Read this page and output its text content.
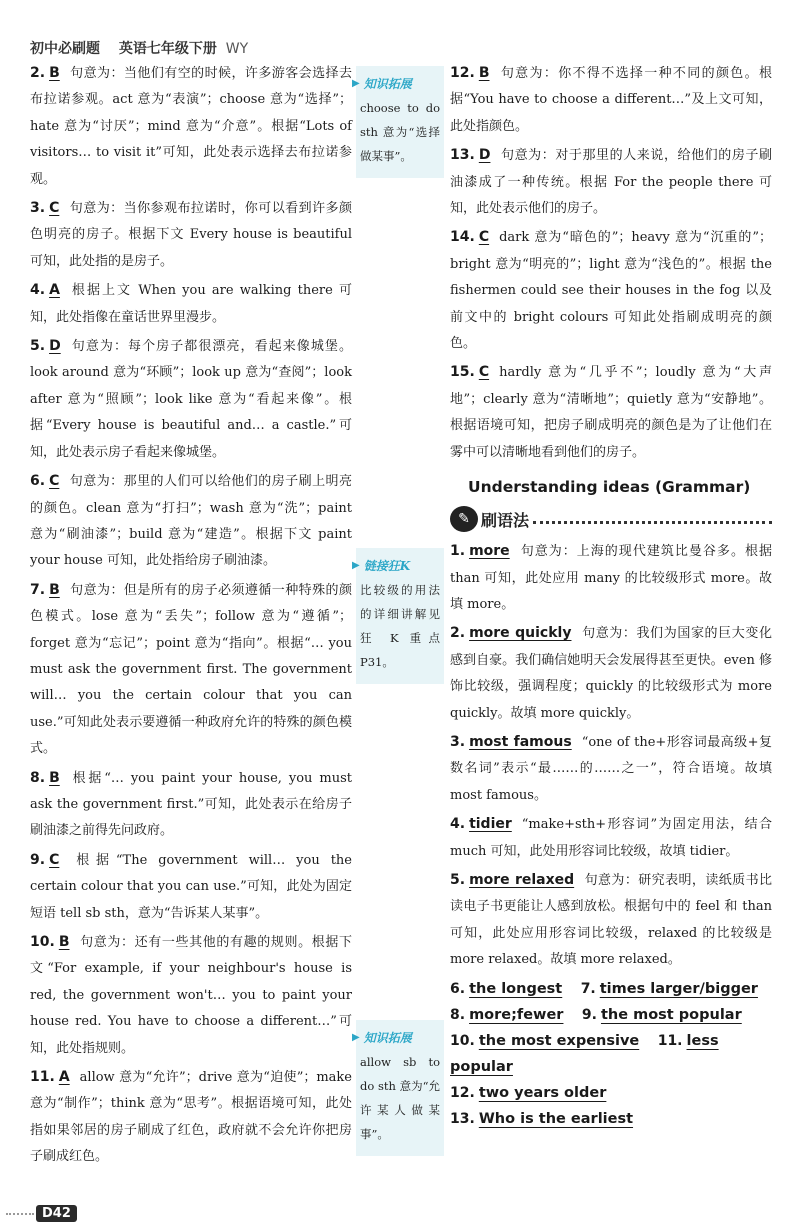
初中必刷题 英语七年级下册 WY
2. B 句意为：当他们有空的时候，许多游客会选择去布拉诺参观。act 意为“表演”；choose 意为“选择”；hate 意为“讨厌”；mind 意为“介意”。根据“Lots of visitors… to visit it”可知，此处表示选择去布拉诺参观。
3. C 句意为：当你参观布拉诺时，你可以看到许多颜色明亮的房子。根据下文 Every house is beautiful 可知，此处指的是房子。
4. A 根据上文 When you are walking there 可知，此处指像在童话世界里漫步。
5. D 句意为：每个房子都很漂亮，看起来像城堡。look around 意为“环顾”；look up 意为“查阅”；look after 意为“照顾”；look like 意为“看起来像”。根据“Every house is beautiful and… a castle.”可知，此处表示房子看起来像城堡。
6. C 句意为：那里的人们可以给他们的房子刷上明亮的颜色。clean 意为“打扫”；wash 意为“洗”；paint 意为“刷油漆”；build 意为“建造”。根据下文 paint your house 可知，此处指给房子刷油漆。
7. B 句意为：但是所有的房子必须遵循一种特殊的颜色模式。lose 意为“丢失”；follow 意为“遵循”；forget 意为“忘记”；point 意为“指向”。根据“… you must ask the government first. The government will… you the certain colour that you can use.”可知此处表示要遵循一种政府允许的特殊的颜色模式。
8. B 根据“… you paint your house, you must ask the government first.”可知，此处表示在给房子刷油漆之前得先问政府。
9. C 根据“The government will… you the certain colour that you can use.”可知，此处为固定短语 tell sb sth，意为“告诉某人某事”。
10. B 句意为：还有一些其他的有趣的规则。根据下文“For example, if your neighbour's house is red, the government won't… you to paint your house red. You have to choose a different…”可知，此处指规则。
11. A allow 意为“允许”；drive 意为“迫使”；make 意为“制作”；think 意为“思考”。根据语境可知，此处指如果邻居的房子刷成了红色，政府就不会允许你把房子刷成红色。
▶ 知识拓展
choose to do sth 意为“选择做某事”。
▶ 链接狂K
比较级的用法的详细讲解见狂 K 重点 P31。
▶ 知识拓展
allow sb to do sth 意为“允许某人做某事”。
12. B 句意为：你不得不选择一种不同的颜色。根据“You have to choose a different…”及上文可知，此处指颜色。
13. D 句意为：对于那里的人来说，给他们的房子刷油漆成了一种传统。根据 For the people there 可知，此处表示他们的房子。
14. C dark 意为“暗色的”；heavy 意为“沉重的”；bright 意为“明亮的”；light 意为“浅色的”。根据 the fishermen could see their houses in the fog 以及前文中的 bright colours 可知此处指刷成明亮的颜色。
15. C hardly 意为“几乎不”；loudly 意为“大声地”；clearly 意为“清晰地”；quietly 意为“安静地”。根据语境可知，把房子刷成明亮的颜色是为了让他们在雾中可以清晰地看到他们的房子。
Understanding ideas (Grammar)
✎ 刷语法
1. more 句意为：上海的现代建筑比曼谷多。根据 than 可知，此处应用 many 的比较级形式 more。故填 more。
2. more quickly 句意为：我们为国家的巨大变化感到自豪。我们确信她明天会发展得甚至更快。even 修饰比较级，强调程度；quickly 的比较级形式为 more quickly。故填 more quickly。
3. most famous “one of the+形容词最高级+复数名词”表示“最……的……之一”，符合语境。故填 most famous。
4. tidier “make+sth+形容词”为固定用法，结合 much 可知，此处用形容词比较级，故填 tidier。
5. more relaxed 句意为：研究表明，读纸质书比读电子书更能让人感到放松。根据句中的 feel 和 than 可知，此处应用形容词比较级，relaxed 的比较级是 more relaxed。故填 more relaxed。
6. the longest 7. times larger/bigger
8. more;fewer 9. the most popular
10. the most expensive 11. less popular
12. two years older
13. Who is the earliest
D42
